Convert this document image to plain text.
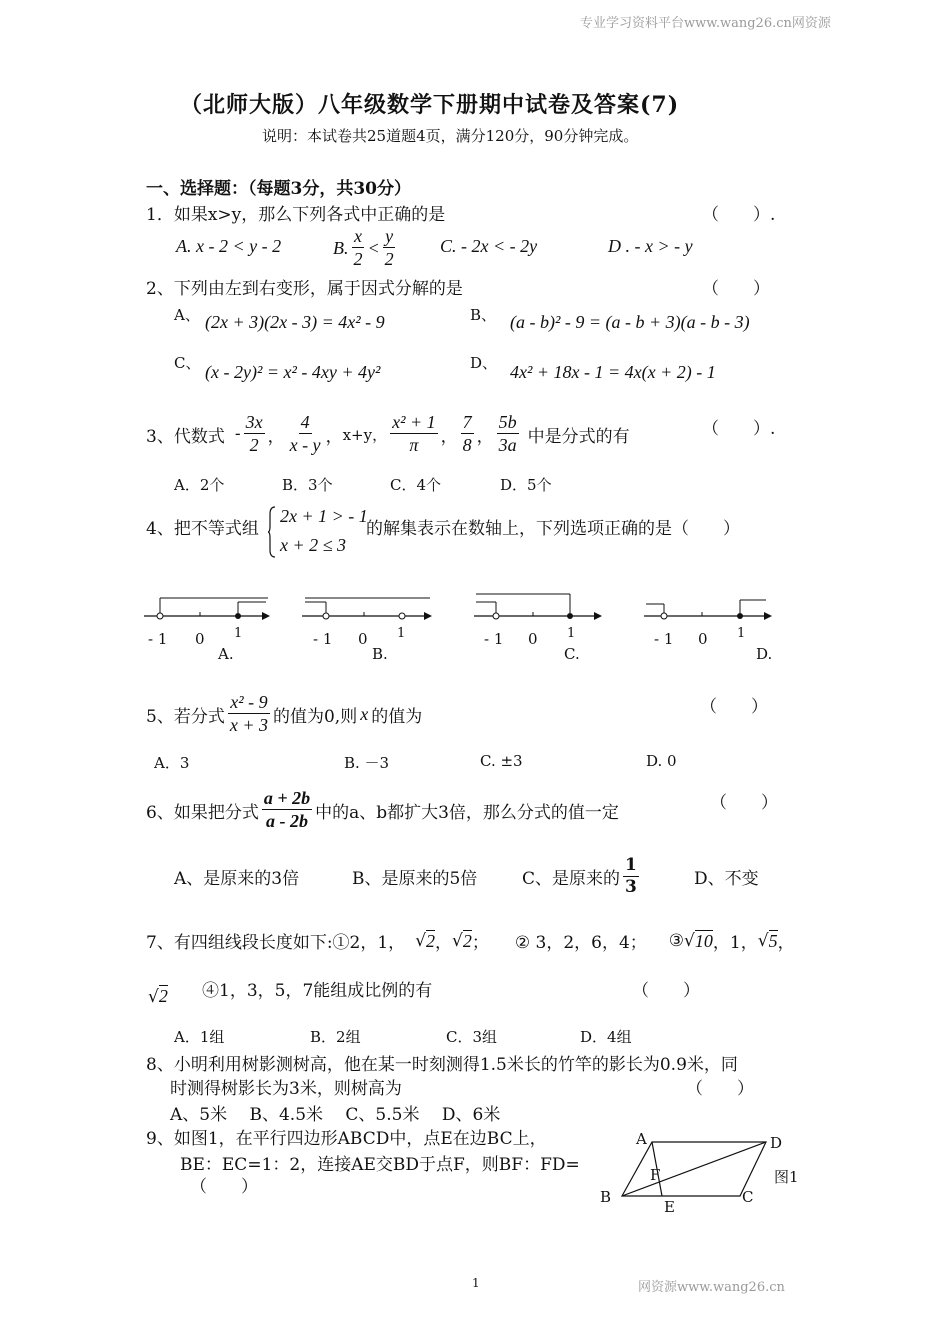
专业学习资料平台www.wang26.cn网资源
（北师大版）八年级数学下册期中试卷及答案(7)
说明：本试卷共25道题4页，满分120分，90分钟完成。
一、选择题：（每题3分，共30分）
1．如果x>y，那么下列各式中正确的是	（　　）.
A. x - 2 < y - 2	B. $\frac{x}{2} < \frac{y}{2} C$. - 2x < - 2y	D . - x > - y
2、下列由左到右变形，属于因式分解的是	（　　）
A、 (2x + 3)(2x - 3) = 4x² - 9	B、 (a - b)² - 9 = (a - b + 3)(a - b - 3)
C、 (x - 2y)² = x² - 4xy + 4y²	D、 4x² + 18x - 1 = 4x(x + 2) - 1
3、代数式 - $\frac{3x}{2}$ ， $\frac{4}{x - y}$ ， x+y， $\frac{\text{x² + 1}}{\pi}$ ， $\frac{7}{8}$ ， $\frac{5b}{3a}$ 中是分式的有	（　　）.
A．2个	B．3个	C．4个	D．5个
4、把不等式组
2x + 1 > - 1
x + 2 ≤ 3
的解集表示在数轴上，下列选项正确的是（　　）
- 1 0 1
A.
- 1 0 1
B.
- 1 0 1
C.
- 1 0 1
D.
5、若分式 $\frac{\text{x² - 9}}{x + 3}$ 的值为0,则 x 的值为	（　　）
A．3	B. －3	C. ±3	D. 0
6、如果把分式 $\frac{a + 2b}{a - 2b}$ 中的a、b都扩大3倍，那么分式的值一定	（　　）
A、是原来的3倍	B、是原来的5倍	C、是原来的 $\frac{1}{3}$	D、不变
7、有四组线段长度如下:①2，1， √ 2 ， √ 2 ； ② 3，2，6，4； ③ √ 10 ，1， √ 5 ，
√2 ④1，3，5，7能组成比例的有	（　　）
A．1组	B．2组	C．3组	D．4组
8、小明利用树影测树高，他在某一时刻测得1.5米长的竹竿的影长为0.9米，同
时测得树影长为3米，则树高为	（　　）
A、5米　 B、4.5米　 C、5.5米　 D、6米
9、如图1，在平行四边形ABCD中，点E在边BC上，
BE：EC=1：2，连接AE交BD于点F，则BF：FD=
（　　）
A	D
F
B
E
C
图1
1	网资源www.wang26.cn
